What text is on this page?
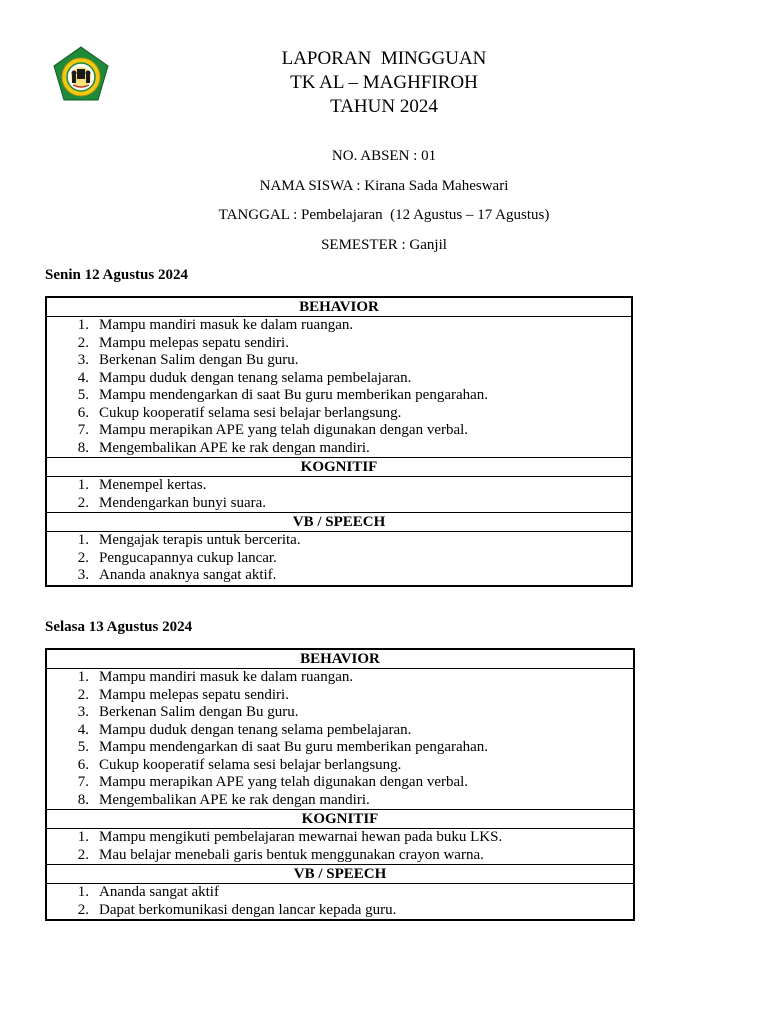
LAPORAN  MINGGUAN
TK AL – MAGHFIROH
TAHUN 2024
NO. ABSEN : 01
NAMA SISWA : Kirana Sada Maheswari
TANGGAL : Pembelajaran  (12 Agustus – 17 Agustus)
SEMESTER : Ganjil
Senin 12 Agustus 2024
BEHAVIOR

1. Mampu mandiri masuk ke dalam ruangan.
2. Mampu melepas sepatu sendiri.
3. Berkenan Salim dengan Bu guru.
4. Mampu duduk dengan tenang selama pembelajaran.
5. Mampu mendengarkan di saat Bu guru memberikan pengarahan.
6. Cukup kooperatif selama sesi belajar berlangsung.
7. Mampu merapikan APE yang telah digunakan dengan verbal.
8. Mengembalikan APE ke rak dengan mandiri.

KOGNITIF

1. Menempel kertas.
2. Mendengarkan bunyi suara.

VB / SPEECH

1. Mengajak terapis untuk bercerita.
2. Pengucapannya cukup lancar.
3. Ananda anaknya sangat aktif.
Selasa 13 Agustus 2024
BEHAVIOR

1. Mampu mandiri masuk ke dalam ruangan.
2. Mampu melepas sepatu sendiri.
3. Berkenan Salim dengan Bu guru.
4. Mampu duduk dengan tenang selama pembelajaran.
5. Mampu mendengarkan di saat Bu guru memberikan pengarahan.
6. Cukup kooperatif selama sesi belajar berlangsung.
7. Mampu merapikan APE yang telah digunakan dengan verbal.
8. Mengembalikan APE ke rak dengan mandiri.

KOGNITIF

1. Mampu mengikuti pembelajaran mewarnai hewan pada buku LKS.
2. Mau belajar menebali garis bentuk menggunakan crayon warna.

VB / SPEECH

1. Ananda sangat aktif
2. Dapat berkomunikasi dengan lancar kepada guru.
